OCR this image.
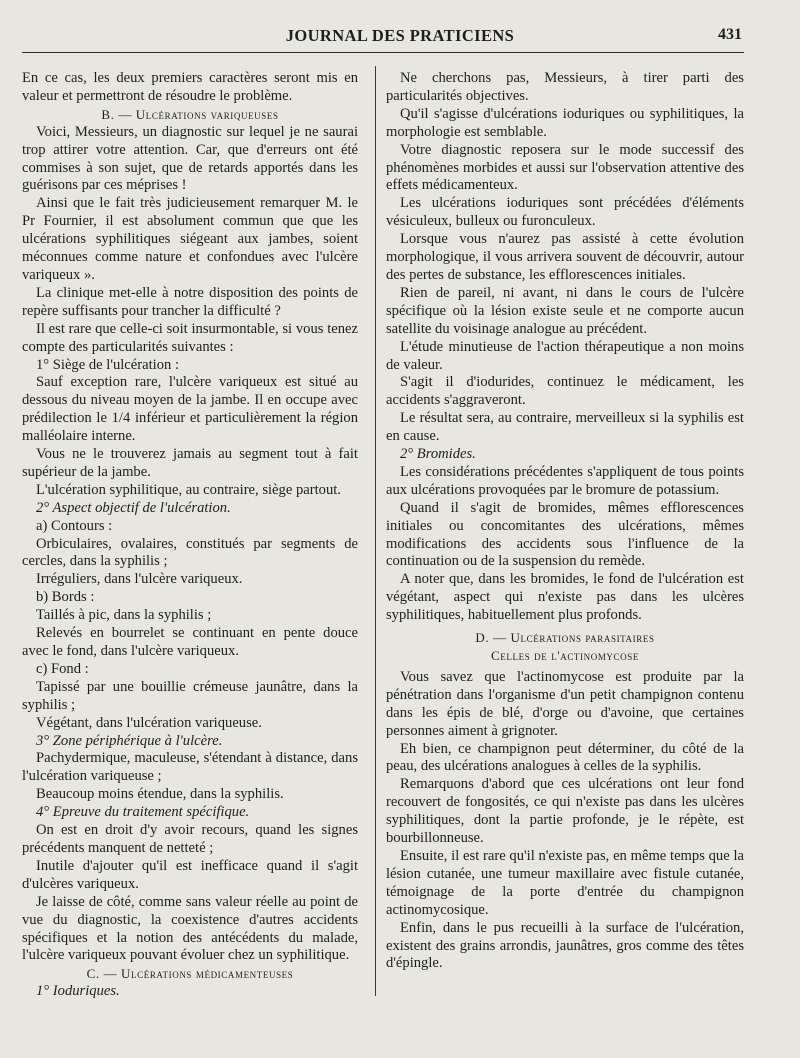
JOURNAL DES PRATICIENS	431

En ce cas, les deux premiers caractères seront mis en valeur et permettront de résoudre le problème.

B. — Ulcérations variqueuses

Voici, Messieurs, un diagnostic sur lequel je ne saurai trop attirer votre attention. Car, que d'erreurs ont été commises à son sujet, que de retards apportés dans les guérisons par ces méprises !

Ainsi que le fait très judicieusement remarquer M. le Pr Fournier, il est absolument commun que que les ulcérations syphilitiques siégeant aux jambes, soient méconnues comme nature et confondues avec l'ulcère variqueux ».

La clinique met-elle à notre disposition des points de repère suffisants pour trancher la difficulté ?

Il est rare que celle-ci soit insurmontable, si vous tenez compte des particularités suivantes :

1° Siège de l'ulcération :

Sauf exception rare, l'ulcère variqueux est situé au dessous du niveau moyen de la jambe. Il en occupe avec prédilection le 1/4 inférieur et particulièrement la région malléolaire interne.

Vous ne le trouverez jamais au segment tout à fait supérieur de la jambe.

L'ulcération syphilitique, au contraire, siège partout.

2° Aspect objectif de l'ulcération.

a) Contours :

Orbiculaires, ovalaires, constitués par segments de cercles, dans la syphilis ;

Irréguliers, dans l'ulcère variqueux.

b) Bords :

Taillés à pic, dans la syphilis ;

Relevés en bourrelet se continuant en pente douce avec le fond, dans l'ulcère variqueux.

c) Fond :

Tapissé par une bouillie crémeuse jaunâtre, dans la syphilis ;

Végétant, dans l'ulcération variqueuse.

3° Zone périphérique à l'ulcère.

Pachydermique, maculeuse, s'étendant à distance, dans l'ulcération variqueuse ;

Beaucoup moins étendue, dans la syphilis.

4° Epreuve du traitement spécifique.

On est en droit d'y avoir recours, quand les signes précédents manquent de netteté ;

Inutile d'ajouter qu'il est inefficace quand il s'agit d'ulcères variqueux.

Je laisse de côté, comme sans valeur réelle au point de vue du diagnostic, la coexistence d'autres accidents spécifiques et la notion des antécédents du malade, l'ulcère variqueux pouvant évoluer chez un syphilitique.

C. — Ulcérations médicamenteuses

1° Ioduriques.

Ne cherchons pas, Messieurs, à tirer parti des particularités objectives.

Qu'il s'agisse d'ulcérations ioduriques ou syphilitiques, la morphologie est semblable.

Votre diagnostic reposera sur le mode successif des phénomènes morbides et aussi sur l'observation attentive des effets médicamenteux.

Les ulcérations ioduriques sont précédées d'éléments vésiculeux, bulleux ou furonculeux.

Lorsque vous n'aurez pas assisté à cette évolution morphologique, il vous arrivera souvent de découvrir, autour des pertes de substance, les efflorescences initiales.

Rien de pareil, ni avant, ni dans le cours de l'ulcère spécifique où la lésion existe seule et ne comporte aucun satellite du voisinage analogue au précédent.

L'étude minutieuse de l'action thérapeutique a non moins de valeur.

S'agit il d'iodurides, continuez le médicament, les accidents s'aggraveront.

Le résultat sera, au contraire, merveilleux si la syphilis est en cause.

2° Bromides.

Les considérations précédentes s'appliquent de tous points aux ulcérations provoquées par le bromure de potassium.

Quand il s'agit de bromides, mêmes efflorescences initiales ou concomitantes des ulcérations, mêmes modifications des accidents sous l'influence de la continuation ou de la suspension du remède.

A noter que, dans les bromides, le fond de l'ulcération est végétant, aspect qui n'existe pas dans les ulcères syphilitiques, habituellement plus profonds.

D. — Ulcérations parasitaires

Celles de l'actinomycose

Vous savez que l'actinomycose est produite par la pénétration dans l'organisme d'un petit champignon contenu dans les épis de blé, d'orge ou d'avoine, que certaines personnes aiment à grignoter.

Eh bien, ce champignon peut déterminer, du côté de la peau, des ulcérations analogues à celles de la syphilis.

Remarquons d'abord que ces ulcérations ont leur fond recouvert de fongosités, ce qui n'existe pas dans les ulcères syphilitiques, dont la partie profonde, je le répète, est bourbillonneuse.

Ensuite, il est rare qu'il n'existe pas, en même temps que la lésion cutanée, une tumeur maxillaire avec fistule cutanée, témoignage de la porte d'entrée du champignon actinomycosique.

Enfin, dans le pus recueilli à la surface de l'ulcération, existent des grains arrondis, jaunâtres, gros comme des têtes d'épingle.
